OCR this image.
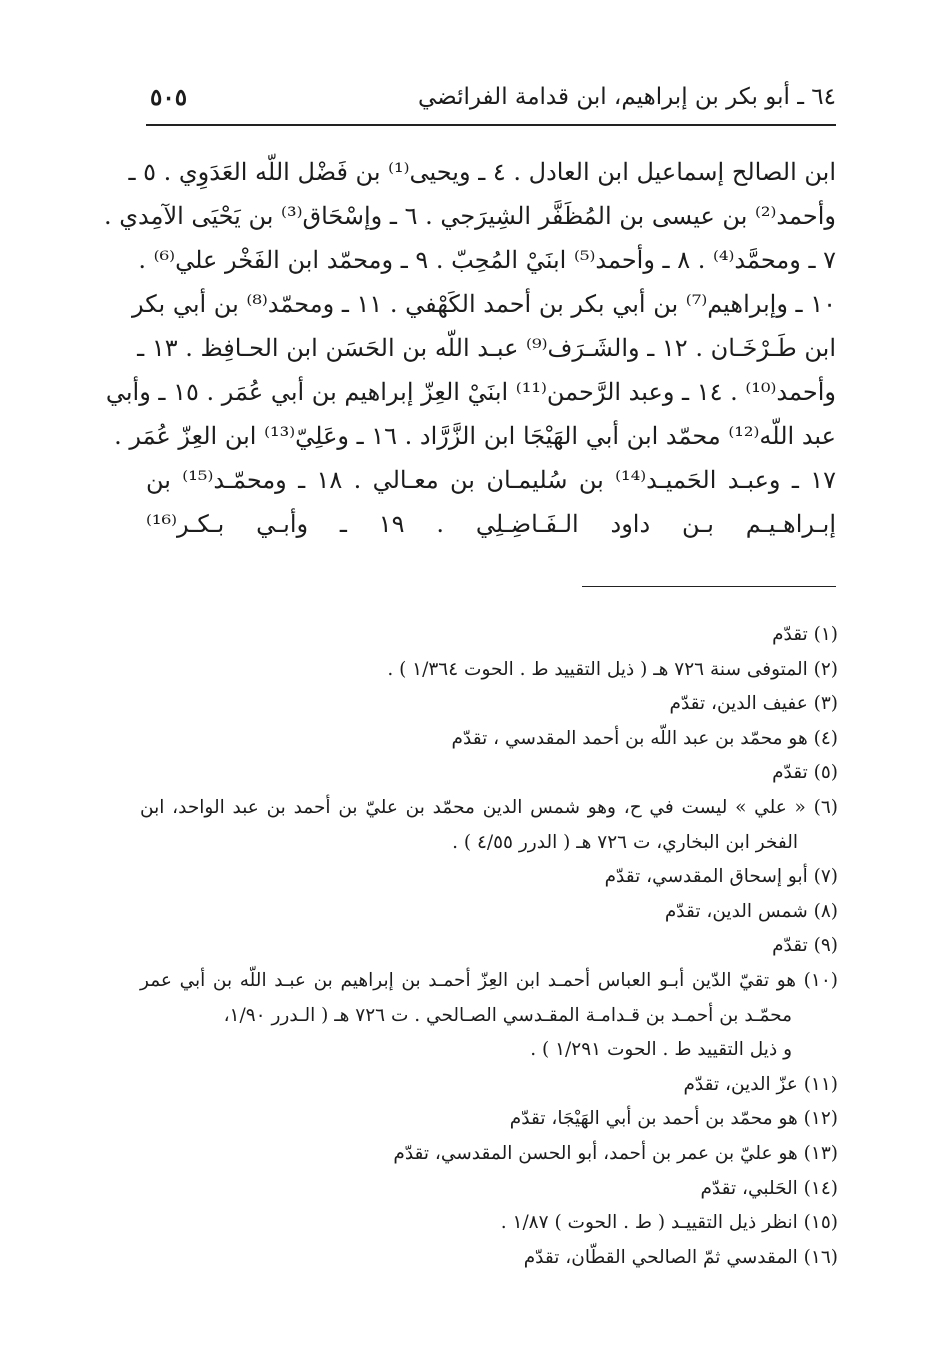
٦٤ ـ أبو بكر بن إبراهيم، ابن قدامة الفرائضي
٥٠٥
ابن الصالح إسماعيل ابن العادل . ٤ ـ ويحيى⁽¹⁾ بن فَضْل اللّه العَدَوِي . ٥ ـ
وأحمد⁽²⁾ بن عيسى بن المُظَفَّر الشِيرَجي . ٦ ـ وإسْحَاق⁽³⁾ بن يَحْيَى الآمِدي .
٧ ـ ومحمَّد⁽⁴⁾ . ٨ ـ وأحمد⁽⁵⁾ ابنَيْ المُحِبّ . ٩ ـ ومحمّد ابن الفَخْر علي⁽⁶⁾ .
١٠ ـ وإبراهيم⁽⁷⁾ بن أبي بكر بن أحمد الكَهْفي . ١١ ـ ومحمّد⁽⁸⁾ بن أبي بكر
ابن طَـرْخَـان . ١٢ ـ والشَـرَف⁽⁹⁾ عبـد اللّه بن الحَسَن ابن الحـافِظ . ١٣ ـ
وأحمد⁽¹⁰⁾ . ١٤ ـ وعبد الرَّحمن⁽¹¹⁾ ابنَيْ العِزّ إبراهيم بن أبي عُمَر . ١٥ ـ وأبي
عبد اللّه⁽¹²⁾ محمّد ابن أبي الهَيْجَا ابن الزَّرَّاد . ١٦ ـ وعَلِيّ⁽¹³⁾ ابن العِزّ عُمَر .
١٧ ـ وعبـد الحَميـد⁽¹⁴⁾ بن سُليمـان بن معـالي . ١٨ ـ ومحمّـد⁽¹⁵⁾ بن
إبـراهـيـم بـن داود الـفَـاضِـلِي . ١٩ ـ وأبـي بـكـر⁽¹⁶⁾
(١) تقدّم
(٢) المتوفى سنة ٧٢٦ هـ ( ذيل التقييد ط . الحوت ١/٣٦٤ ) .
(٣) عفيف الدين، تقدّم
(٤) هو محمّد بن عبد اللّه بن أحمد المقدسي ، تقدّم
(٥) تقدّم
(٦) « علي » ليست في ح، وهو شمس الدين محمّد بن عليّ بن أحمد بن عبد الواحد، ابن
الفخر ابن البخاري، ت ٧٢٦ هـ ( الدرر ٤/٥٥ ) .
(٧) أبو إسحاق المقدسي، تقدّم
(٨) شمس الدين، تقدّم
(٩) تقدّم
(١٠) هو تقيّ الدّين أبـو العباس أحمـد ابن العِزّ أحمـد بن إبراهيم بن عبـد اللّه بن أبي عمر
محمّـد بن أحمـد بن قـدامـة المقـدسي الصـالحي . ت ٧٢٦ هـ ( الـدرر ١/٩٠،
و ذيل التقييد ط . الحوت ١/٢٩١ ) .
(١١) عزّ الدين، تقدّم
(١٢) هو محمّد بن أحمد بن أبي الهَيْجَا، تقدّم
(١٣) هو عليّ بن عمر بن أحمد، أبو الحسن المقدسي، تقدّم
(١٤) الحَلبي، تقدّم
(١٥) انظر ذيل التقييـد ( ط . الحوت ) ١/٨٧ .
(١٦) المقدسي ثمّ الصالحي القطّان، تقدّم
